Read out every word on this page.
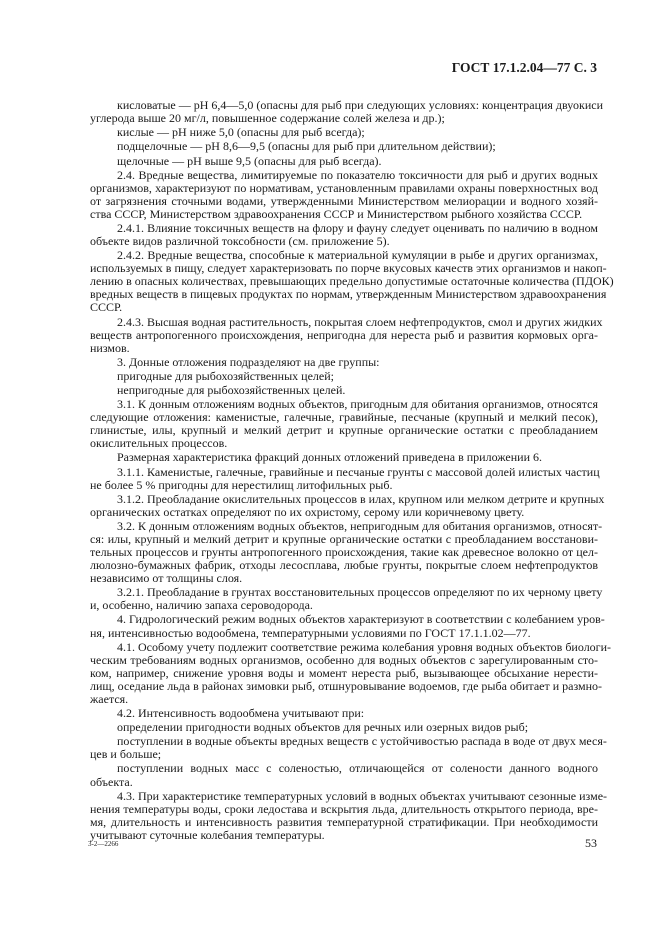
ГОСТ 17.1.2.04—77 С. 3
кисловатые — pH 6,4—5,0 (опасны для рыб при следующих условиях: концентрация двуокиси
углерода выше 20 мг/л, повышенное содержание солей железа и др.);
кислые — pH ниже 5,0 (опасны для рыб всегда);
подщелочные — pH 8,6—9,5 (опасны для рыб при длительном действии);
щелочные — pH выше 9,5 (опасны для рыб всегда).
2.4. Вредные вещества, лимитируемые по показателю токсичности для рыб и других водных
организмов, характеризуют по нормативам, установленным правилами охраны поверхностных вод
от загрязнения сточными водами, утвержденными Министерством мелиорации и водного хозяй-
ства СССР, Министерством здравоохранения СССР и Министерством рыбного хозяйства СССР.
2.4.1. Влияние токсичных веществ на флору и фауну следует оценивать по наличию в водном
объекте видов различной токсобности (см. приложение 5).
2.4.2. Вредные вещества, способные к материальной кумуляции в рыбе и других организмах,
используемых в пищу, следует характеризовать по порче вкусовых качеств этих организмов и накоп-
лению в опасных количествах, превышающих предельно допустимые остаточные количества (ПДОК)
вредных веществ в пищевых продуктах по нормам, утвержденным Министерством здравоохранения
СССР.
2.4.3. Высшая водная растительность, покрытая слоем нефтепродуктов, смол и других жидких
веществ антропогенного происхождения, непригодна для нереста рыб и развития кормовых орга-
низмов.
3. Донные отложения подразделяют на две группы:
пригодные для рыбохозяйственных целей;
непригодные для рыбохозяйственных целей.
3.1. К донным отложениям водных объектов, пригодным для обитания организмов, относятся
следующие отложения: каменистые, галечные, гравийные, песчаные (крупный и мелкий песок),
глинистые, илы, крупный и мелкий детрит и крупные органические остатки с преобладанием
окислительных процессов.
Размерная характеристика фракций донных отложений приведена в приложении 6.
3.1.1. Каменистые, галечные, гравийные и песчаные грунты с массовой долей илистых частиц
не более 5 % пригодны для нерестилищ литофильных рыб.
3.1.2. Преобладание окислительных процессов в илах, крупном или мелком детрите и крупных
органических остатках определяют по их охристому, серому или коричневому цвету.
3.2. К донным отложениям водных объектов, непригодным для обитания организмов, относят-
ся: илы, крупный и мелкий детрит и крупные органические остатки с преобладанием восстанови-
тельных процессов и грунты антропогенного происхождения, такие как древесное волокно от цел-
люлозно-бумажных фабрик, отходы лесосплава, любые грунты, покрытые слоем нефтепродуктов
независимо от толщины слоя.
3.2.1. Преобладание в грунтах восстановительных процессов определяют по их черному цвету
и, особенно, наличию запаха сероводорода.
4. Гидрологический режим водных объектов характеризуют в соответствии с колебанием уров-
ня, интенсивностью водообмена, температурными условиями по ГОСТ 17.1.1.02—77.
4.1. Особому учету подлежит соответствие режима колебания уровня водных объектов биологи-
ческим требованиям водных организмов, особенно для водных объектов с зарегулированным сто-
ком, например, снижение уровня воды и момент нереста рыб, вызывающее обсыхание нерести-
лищ, оседание льда в районах зимовки рыб, отшнуровывание водоемов, где рыба обитает и размно-
жается.
4.2. Интенсивность водообмена учитывают при:
определении пригодности водных объектов для речных или озерных видов рыб;
поступлении в водные объекты вредных веществ с устойчивостью распада в воде от двух меся-
цев и больше;
поступлении водных масс с соленостью, отличающейся от солености данного водного
объекта.
4.3. При характеристике температурных условий в водных объектах учитывают сезонные изме-
нения температуры воды, сроки ледостава и вскрытия льда, длительность открытого периода, вре-
мя, длительность и интенсивность развития температурной стратификации. При необходимости
учитывают суточные колебания температуры.
3-2—2266	53
